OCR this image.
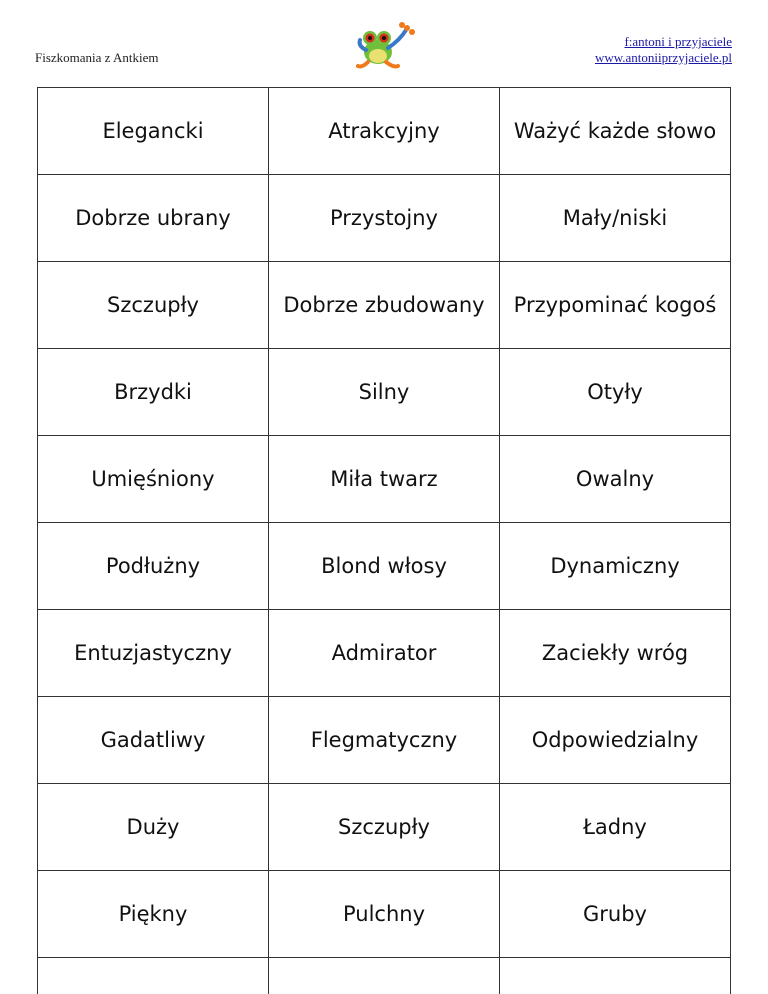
Fiszkomania z Antkiem
f:antoni i przyjaciele
www.antoniiprzyjaciele.pl
Elegancki	Atrakcyjny	Ważyć każde słowo
Dobrze ubrany	Przystojny	Mały/niski
Szczupły	Dobrze zbudowany	Przypominać kogoś
Brzydki	Silny	Otyły
Umięśniony	Miła twarz	Owalny
Podłużny	Blond włosy	Dynamiczny
Entuzjastyczny	Admirator	Zaciekły wróg
Gadatliwy	Flegmatyczny	Odpowiedzialny
Duży	Szczupły	Ładny
Piękny	Pulchny	Gruby
